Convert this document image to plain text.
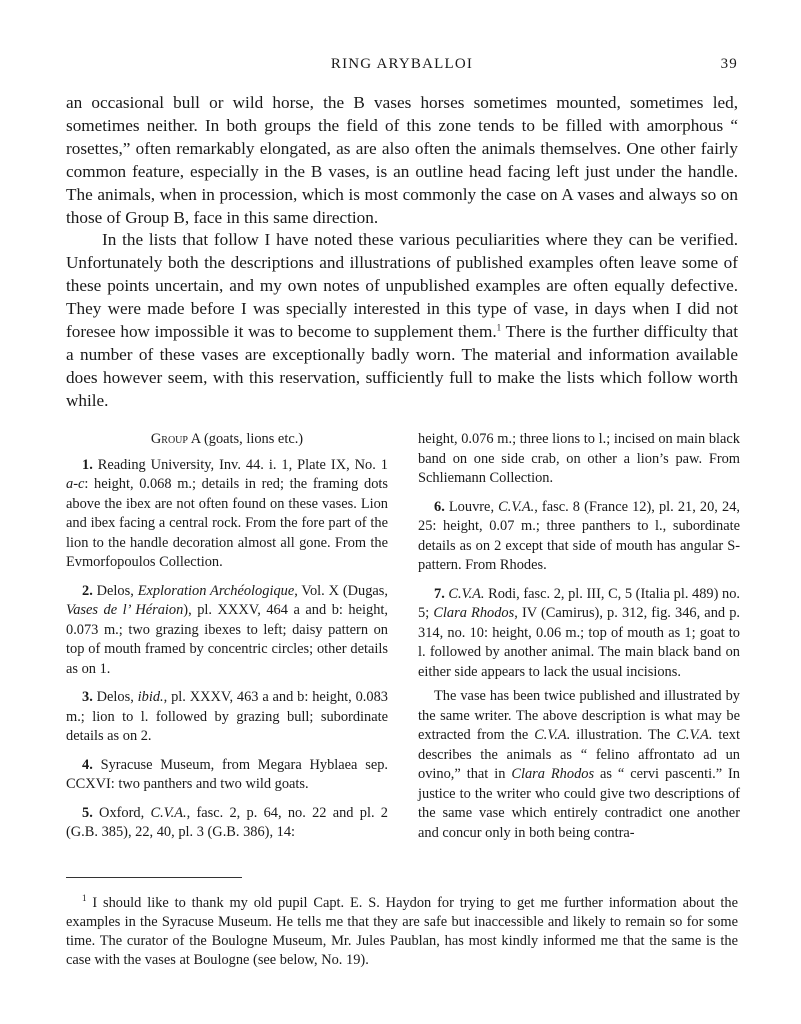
RING ARYBALLOI	39

an occasional bull or wild horse, the B vases horses sometimes mounted, sometimes led, sometimes neither. In both groups the field of this zone tends to be filled with amorphous “ rosettes,” often remarkably elongated, as are also often the animals themselves. One other fairly common feature, especially in the B vases, is an outline head facing left just under the handle. The animals, when in procession, which is most commonly the case on A vases and always so on those of Group B, face in this same direction.

In the lists that follow I have noted these various peculiarities where they can be verified. Unfortunately both the descriptions and illustrations of published examples often leave some of these points uncertain, and my own notes of unpublished examples are often equally defective. They were made before I was specially interested in this type of vase, in days when I did not foresee how impossible it was to become to supplement them.$^1$ There is the further difficulty that a number of these vases are exceptionally badly worn. The material and information available does however seem, with this reservation, sufficiently full to make the lists which follow worth while.

Group A (goats, lions etc.)

1. Reading University, Inv. 44. i. 1, Plate IX, No. 1 a-c: height, 0.068 m.; details in red; the framing dots above the ibex are not often found on these vases. Lion and ibex facing a central rock. From the fore part of the lion to the handle decoration almost all gone. From the Evmorfopoulos Collection.

2. Delos, Exploration Archéologique, Vol. X (Dugas, Vases de l’ Héraion), pl. XXXV, 464 a and b: height, 0.073 m.; two grazing ibexes to left; daisy pattern on top of mouth framed by concentric circles; other details as on 1.

3. Delos, ibid., pl. XXXV, 463 a and b: height, 0.083 m.; lion to l. followed by grazing bull; subordinate details as on 2.

4. Syracuse Museum, from Megara Hyblaea sep. CCXVI: two panthers and two wild goats.

5. Oxford, C.V.A., fasc. 2, p. 64, no. 22 and pl. 2 (G.B. 385), 22, 40, pl. 3 (G.B. 386), 14:

height, 0.076 m.; three lions to l.; incised on main black band on one side crab, on other a lion’s paw. From Schliemann Collection.

6. Louvre, C.V.A., fasc. 8 (France 12), pl. 21, 20, 24, 25: height, 0.07 m.; three panthers to l., subordinate details as on 2 except that side of mouth has angular S-pattern. From Rhodes.

7. C.V.A. Rodi, fasc. 2, pl. III, C, 5 (Italia pl. 489) no. 5; Clara Rhodos, IV (Camirus), p. 312, fig. 346, and p. 314, no. 10: height, 0.06 m.; top of mouth as 1; goat to l. followed by another animal. The main black band on either side appears to lack the usual incisions.

The vase has been twice published and illustrated by the same writer. The above description is what may be extracted from the C.V.A. illustration. The C.V.A. text describes the animals as “ felino affrontato ad un ovino,” that in Clara Rhodos as “ cervi pascenti.” In justice to the writer who could give two descriptions of the same vase which entirely contradict one another and concur only in both being contra-

$^1$ I should like to thank my old pupil Capt. E. S. Haydon for trying to get me further information about the examples in the Syracuse Museum. He tells me that they are safe but inaccessible and likely to remain so for some time. The curator of the Boulogne Museum, Mr. Jules Paublan, has most kindly informed me that the same is the case with the vases at Boulogne (see below, No. 19).
